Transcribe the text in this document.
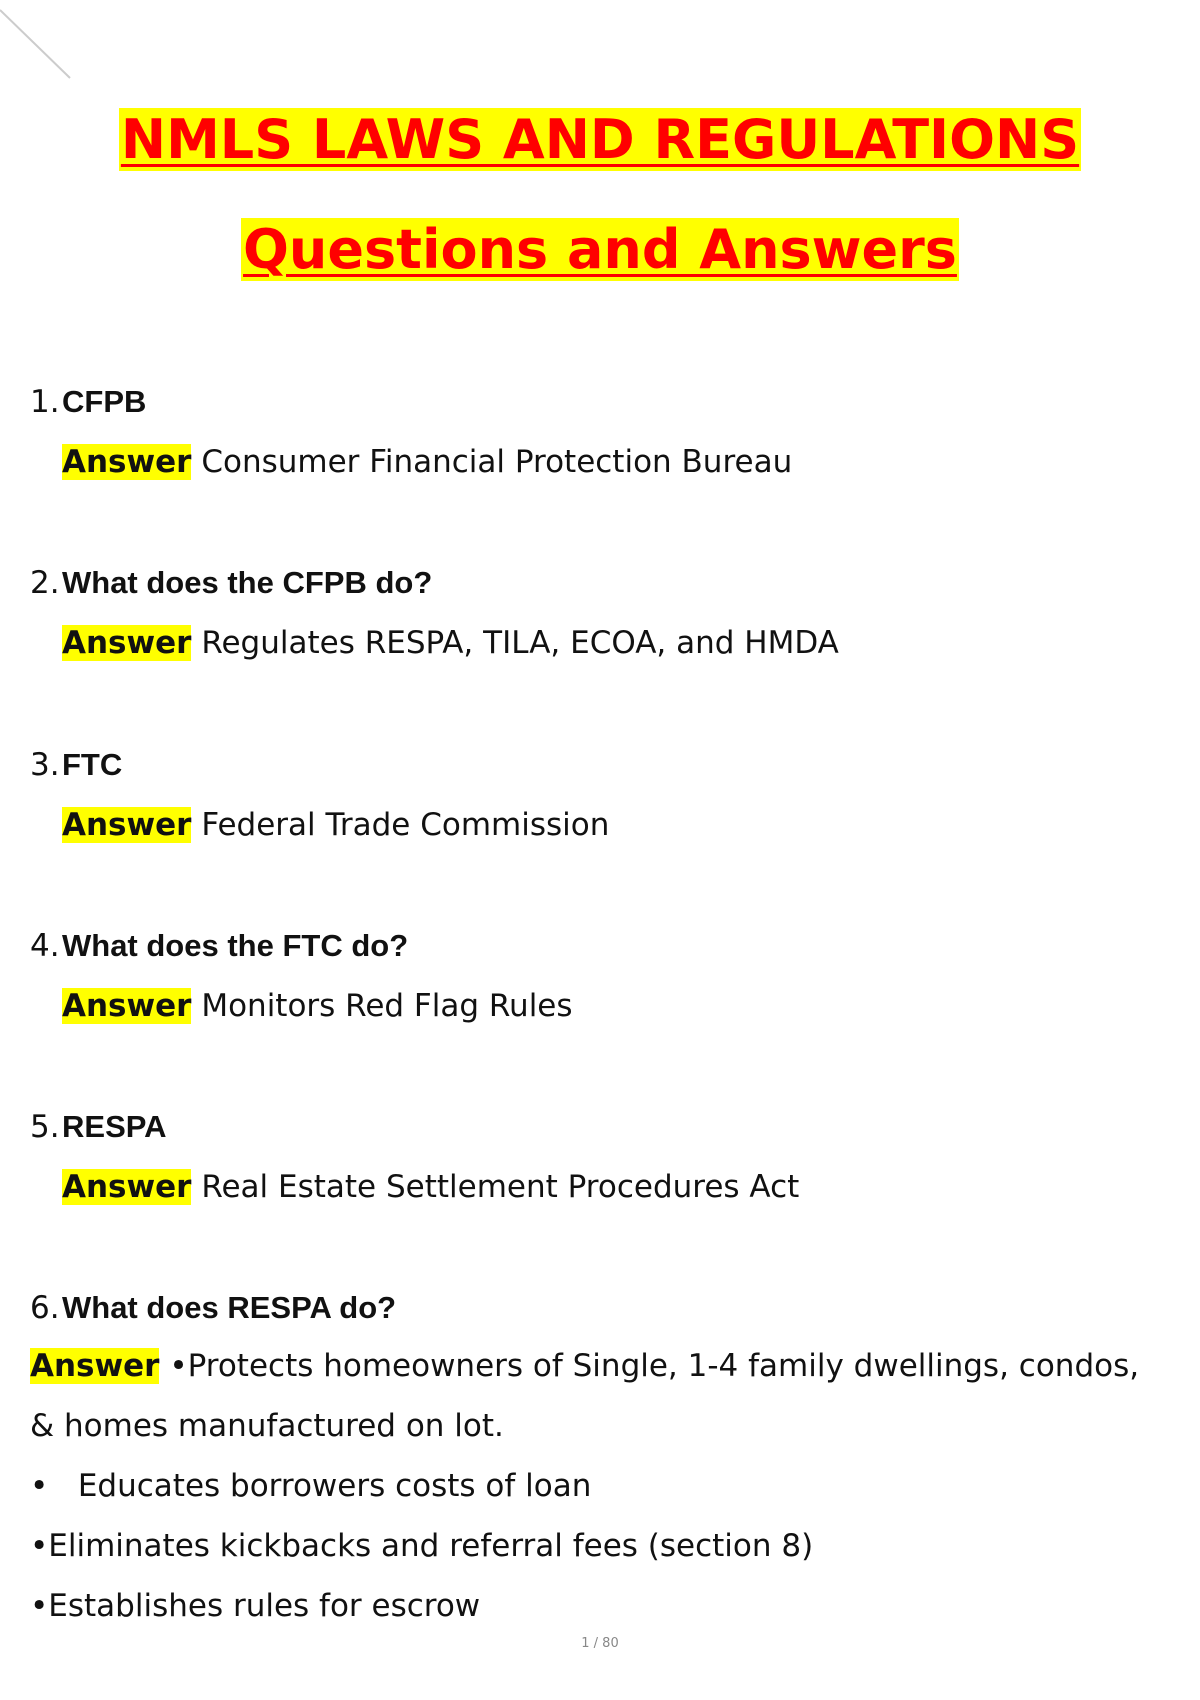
NMLS LAWS AND REGULATIONS
Questions and Answers
1. CFPB
Answer Consumer Financial Protection Bureau
2. What does the CFPB do?
Answer Regulates RESPA, TILA, ECOA, and HMDA
3. FTC
Answer Federal Trade Commission
4. What does the FTC do?
Answer Monitors Red Flag Rules
5. RESPA
Answer Real Estate Settlement Procedures Act
6. What does RESPA do?
Answer •Protects homeowners of Single, 1-4 family dwellings, condos,
& homes manufactured on lot.
•   Educates borrowers costs of loan
•Eliminates kickbacks and referral fees (section 8)
•Establishes rules for escrow
1 / 80
